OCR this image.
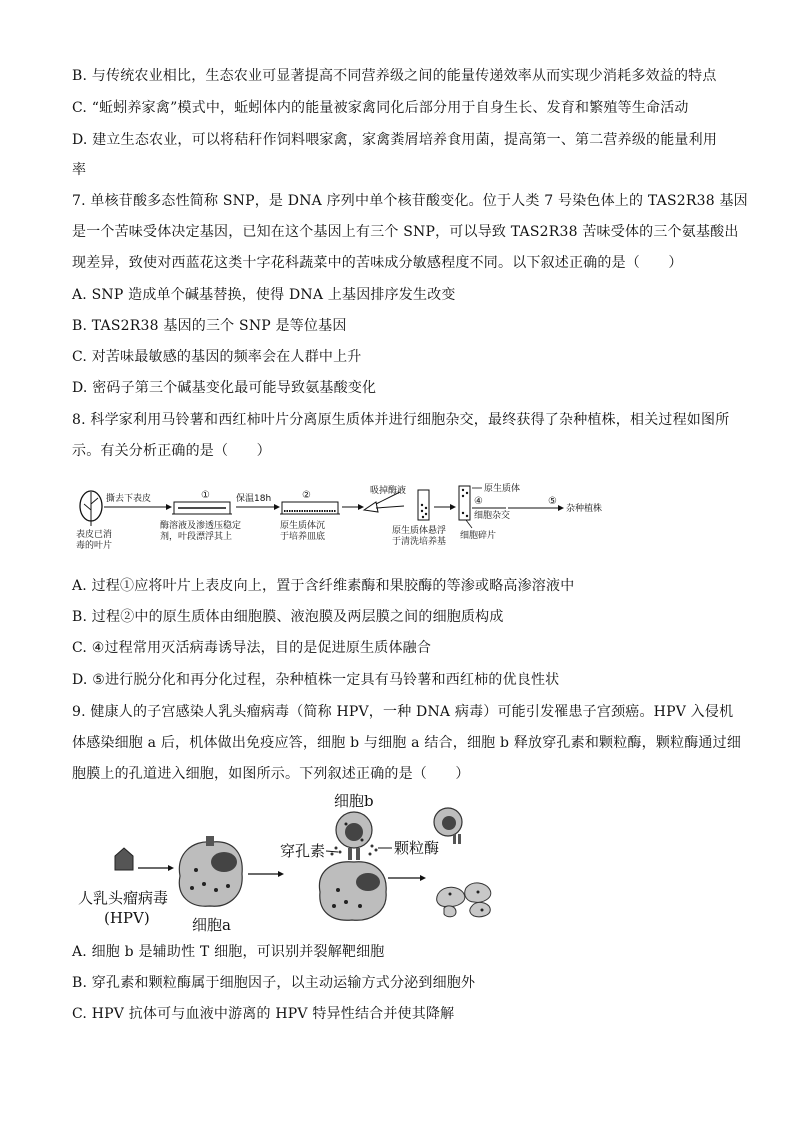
B. 与传统农业相比，生态农业可显著提高不同营养级之间的能量传递效率从而实现少消耗多效益的特点
C. “蚯蚓养家禽”模式中，蚯蚓体内的能量被家禽同化后部分用于自身生长、发育和繁殖等生命活动
D. 建立生态农业，可以将秸秆作饲料喂家禽，家禽粪屑培养食用菌，提高第一、第二营养级的能量利用
率
7. 单核苷酸多态性简称 SNP，是 DNA 序列中单个核苷酸变化。位于人类 7 号染色体上的 TAS2R38 基因
是一个苦味受体决定基因，已知在这个基因上有三个 SNP，可以导致 TAS2R38 苦味受体的三个氨基酸出
现差异，致使对西蓝花这类十字花科蔬菜中的苦味成分敏感程度不同。以下叙述正确的是（　　）
A. SNP 造成单个碱基替换，使得 DNA 上基因排序发生改变
B. TAS2R38 基因的三个 SNP 是等位基因
C. 对苦味最敏感的基因的频率会在人群中上升
D. 密码子第三个碱基变化最可能导致氨基酸变化
8. 科学家利用马铃薯和西红柿叶片分离原生质体并进行细胞杂交，最终获得了杂种植株，相关过程如图所
示。有关分析正确的是（　　）
表皮已消
毒的叶片
撕去下表皮	①
酶溶液及渗透压稳定
剂，叶段漂浮其上
保温18h	②
原生质体沉
于培养皿底
吸掉酶液
原生质体悬浮
于清洗培养基
原生质体
细胞碎片
④
细胞杂交
⑤
杂种植株
A. 过程①应将叶片上表皮向上，置于含纤维素酶和果胶酶的等渗或略高渗溶液中
B. 过程②中的原生质体由细胞膜、液泡膜及两层膜之间的细胞质构成
C. ④过程常用灭活病毒诱导法，目的是促进原生质体融合
D. ⑤进行脱分化和再分化过程，杂种植株一定具有马铃薯和西红柿的优良性状
9. 健康人的子宫感染人乳头瘤病毒（简称 HPV，一种 DNA 病毒）可能引发罹患子宫颈癌。HPV 入侵机
体感染细胞 a 后，机体做出免疫应答，细胞 b 与细胞 a 结合，细胞 b 释放穿孔素和颗粒酶，颗粒酶通过细
胞膜上的孔道进入细胞，如图所示。下列叙述正确的是（　　）
人乳头瘤病毒
(HPV)	细胞a
穿孔素
细胞b
颗粒酶
A. 细胞 b 是辅助性 T 细胞，可识别并裂解靶细胞
B. 穿孔素和颗粒酶属于细胞因子，以主动运输方式分泌到细胞外
C. HPV 抗体可与血液中游离的 HPV 特异性结合并使其降解
